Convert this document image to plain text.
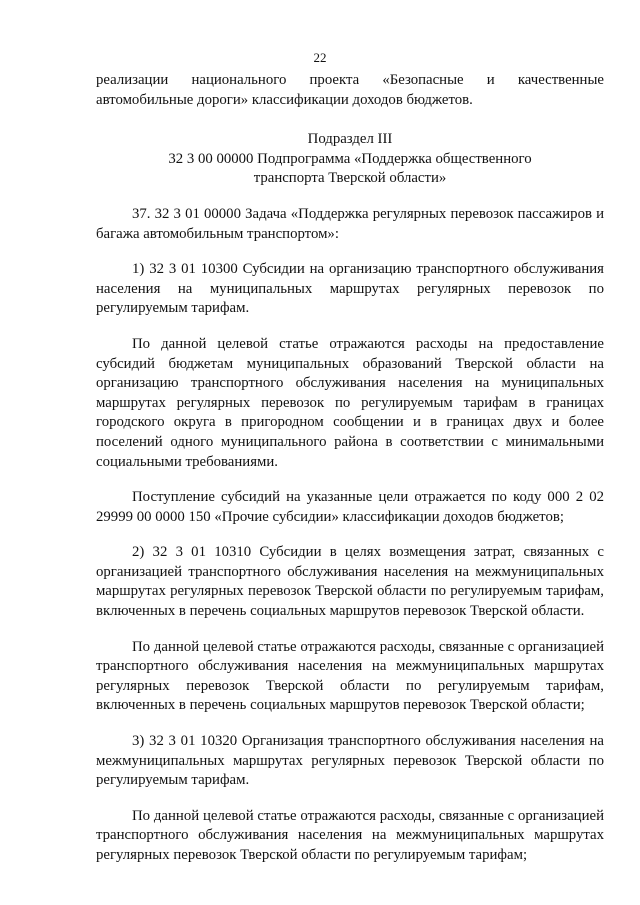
22

реализации национального проекта «Безопасные и качественные автомобильные дороги» классификации доходов бюджетов.

Подраздел III

32 3 00 00000 Подпрограмма «Поддержка общественного

транспорта Тверской области»

37. 32 3 01 00000 Задача «Поддержка регулярных перевозок пассажиров и багажа автомобильным транспортом»:

1) 32 3 01 10300 Субсидии на организацию транспортного обслуживания населения на муниципальных маршрутах регулярных перевозок по регулируемым тарифам.

По данной целевой статье отражаются расходы на предоставление субсидий бюджетам муниципальных образований Тверской области на организацию транспортного обслуживания населения на муниципальных маршрутах регулярных перевозок по регулируемым тарифам в границах городского округа в пригородном сообщении и в границах двух и более поселений одного муниципального района в соответствии с минимальными социальными требованиями.

Поступление субсидий на указанные цели отражается по коду 000 2 02 29999 00 0000 150 «Прочие субсидии» классификации доходов бюджетов;

2) 32 3 01 10310 Субсидии в целях возмещения затрат, связанных с организацией транспортного обслуживания населения на межмуниципальных маршрутах регулярных перевозок Тверской области по регулируемым тарифам, включенных в перечень социальных маршрутов перевозок Тверской области.

По данной целевой статье отражаются расходы, связанные с организацией транспортного обслуживания населения на межмуниципальных маршрутах регулярных перевозок Тверской области по регулируемым тарифам, включенных в перечень социальных маршрутов перевозок Тверской области;

3) 32 3 01 10320 Организация транспортного обслуживания населения на межмуниципальных маршрутах регулярных перевозок Тверской области по регулируемым тарифам.

По данной целевой статье отражаются расходы, связанные с организацией транспортного обслуживания населения на межмуниципальных маршрутах регулярных перевозок Тверской области по регулируемым тарифам;
